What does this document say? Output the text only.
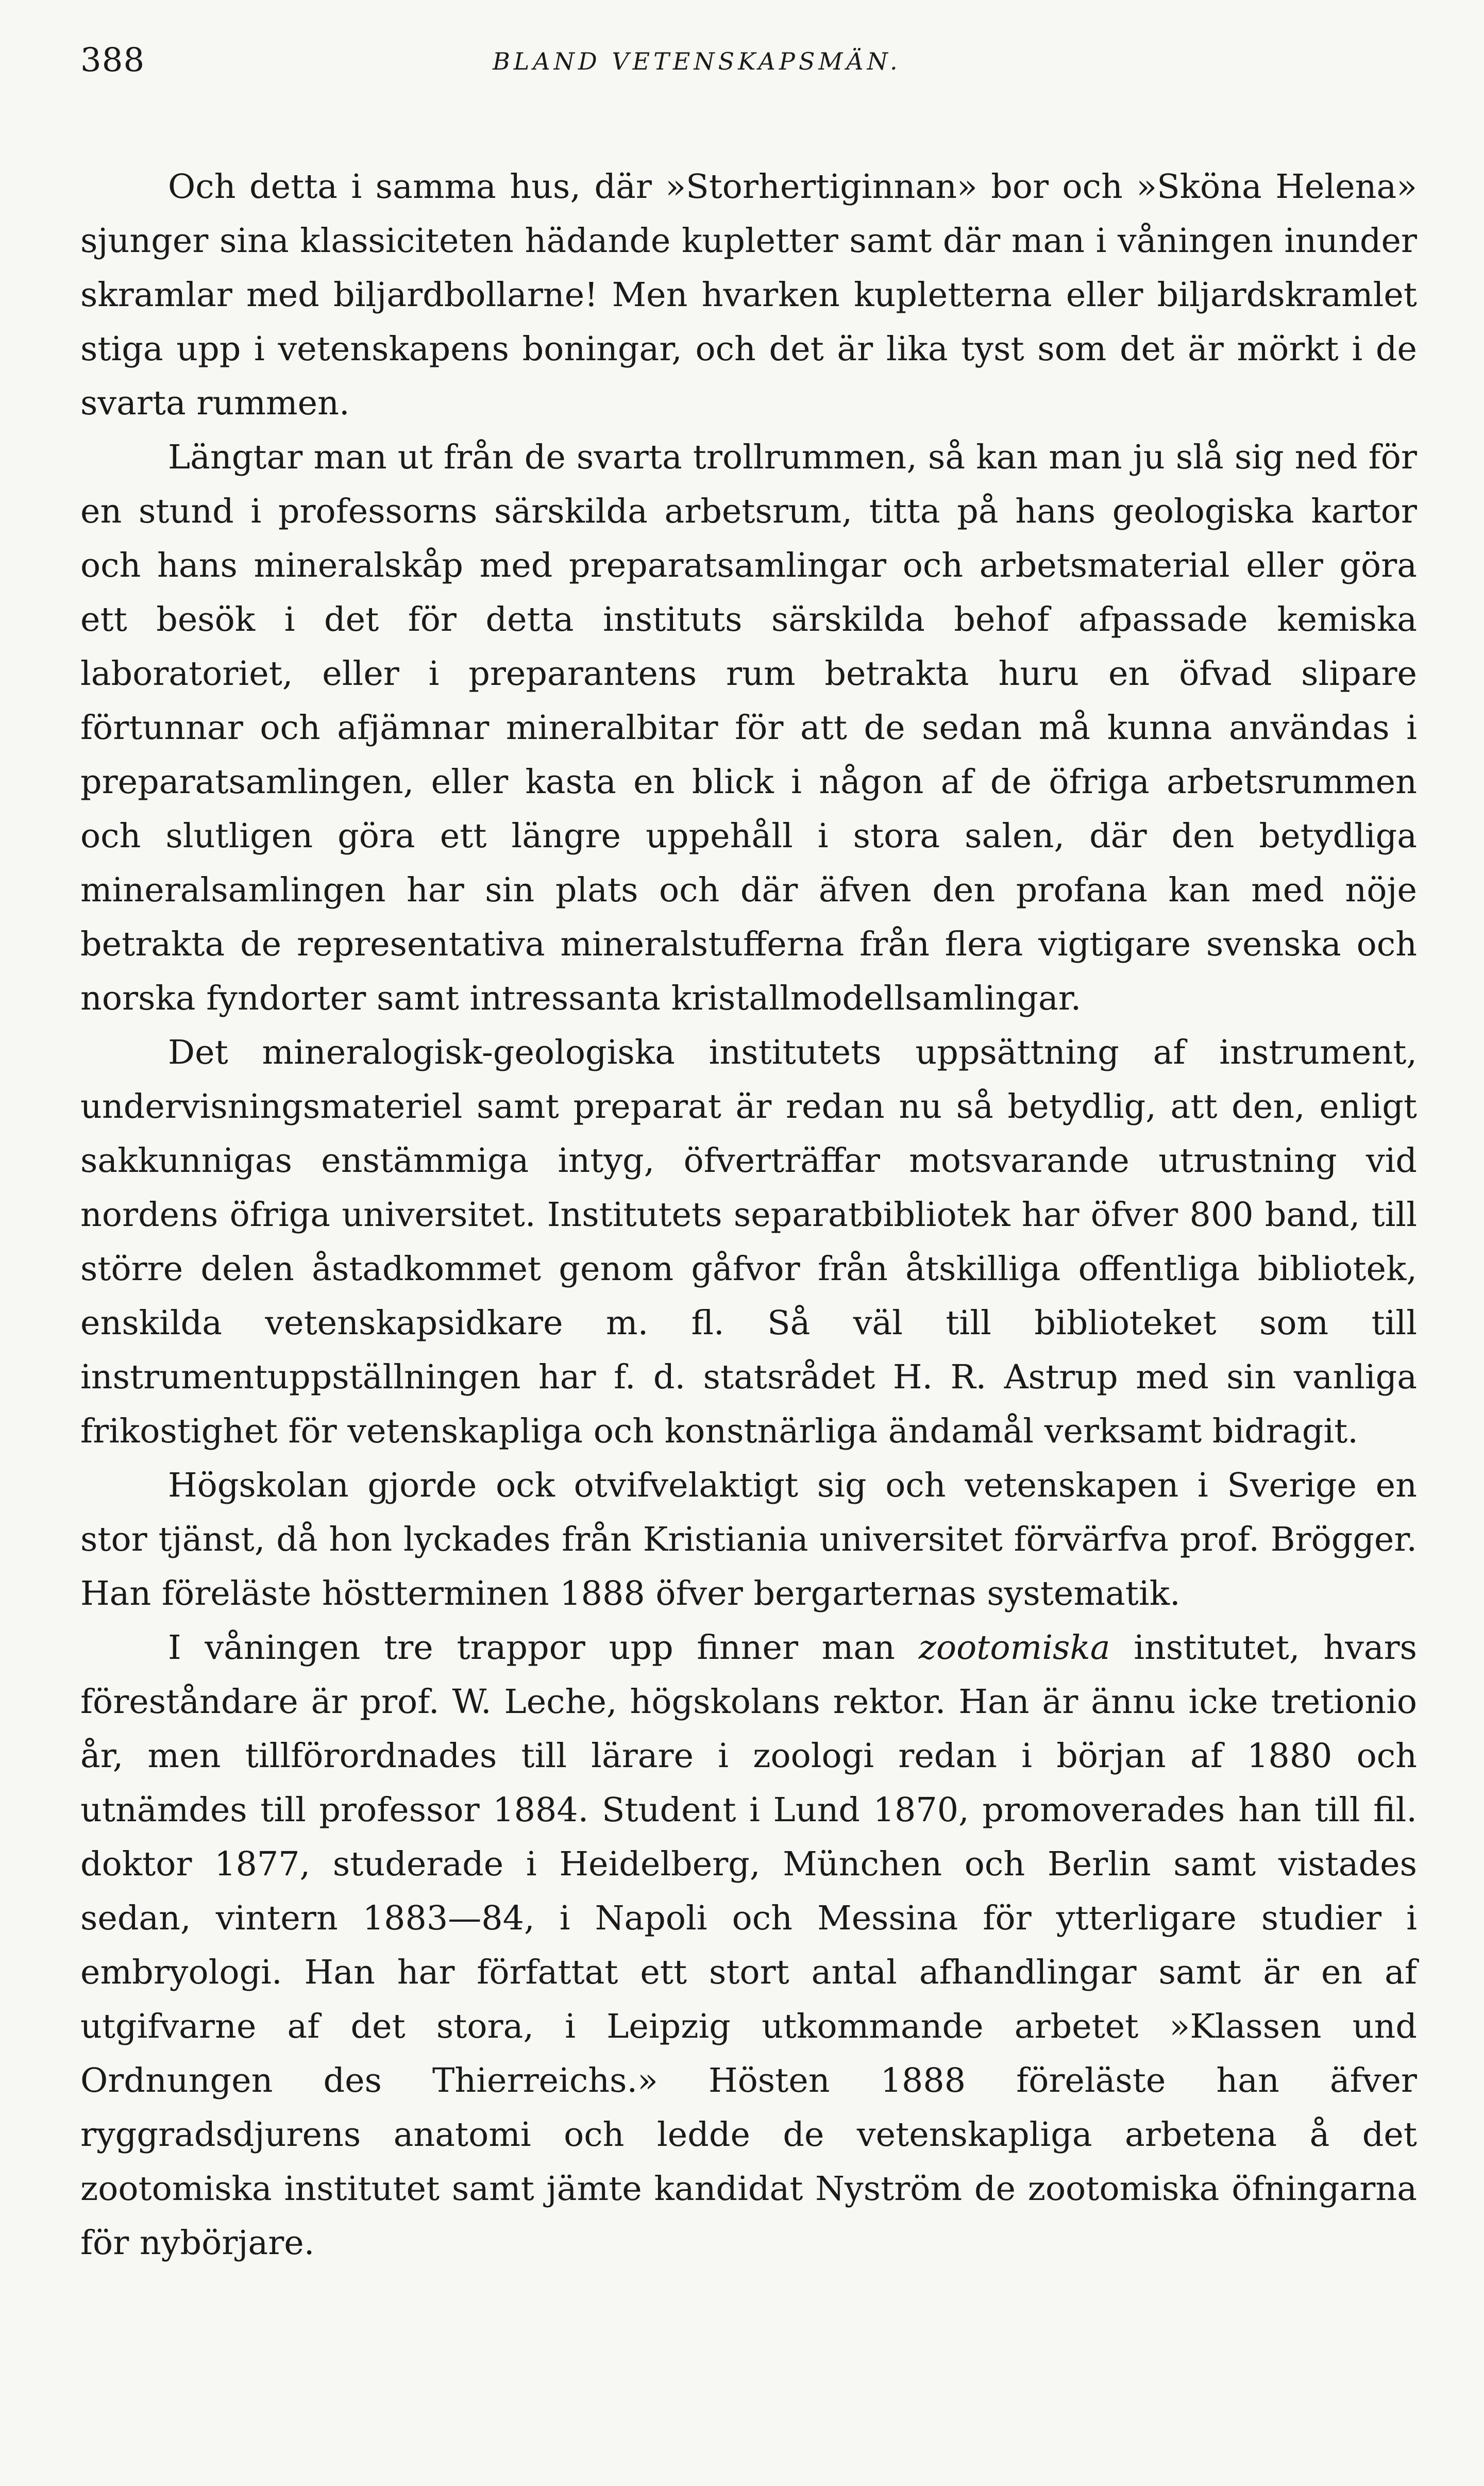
388	BLAND VETENSKAPSMÄN.

Och detta i samma hus, där »Storhertiginnan» bor och »Sköna Helena» sjunger sina klassiciteten hädande kupletter samt där man i våningen inunder skramlar med biljardbollarne! Men hvarken kupletterna eller biljardskramlet stiga upp i vetenskapens boningar, och det är lika tyst som det är mörkt i de svarta rummen.

Längtar man ut från de svarta trollrummen, så kan man ju slå sig ned för en stund i professorns särskilda arbetsrum, titta på hans geologiska kartor och hans mineralskåp med preparatsamlingar och arbetsmaterial eller göra ett besök i det för detta instituts särskilda behof afpassade kemiska laboratoriet, eller i preparantens rum betrakta huru en öfvad slipare förtunnar och afjämnar mineralbitar för att de sedan må kunna användas i preparatsamlingen, eller kasta en blick i någon af de öfriga arbetsrummen och slutligen göra ett längre uppehåll i stora salen, där den betydliga mineralsamlingen har sin plats och där äfven den profana kan med nöje betrakta de representativa mineralstufferna från flera vigtigare svenska och norska fyndorter samt intressanta kristallmodellsamlingar.

Det mineralogisk-geologiska institutets uppsättning af instrument, undervisningsmateriel samt preparat är redan nu så betydlig, att den, enligt sakkunnigas enstämmiga intyg, öfverträffar motsvarande utrustning vid nordens öfriga universitet. Institutets separatbibliotek har öfver 800 band, till större delen åstadkommet genom gåfvor från åtskilliga offentliga bibliotek, enskilda vetenskapsidkare m. fl. Så väl till biblioteket som till instrumentuppställningen har f. d. statsrådet H. R. Astrup med sin vanliga frikostighet för vetenskapliga och konstnärliga ändamål verksamt bidragit.

Högskolan gjorde ock otvifvelaktigt sig och vetenskapen i Sverige en stor tjänst, då hon lyckades från Kristiania universitet förvärfva prof. Brögger. Han föreläste höstterminen 1888 öfver bergarternas systematik.

I våningen tre trappor upp finner man zootomiska institutet, hvars föreståndare är prof. W. Leche, högskolans rektor. Han är ännu icke tretionio år, men tillförordnades till lärare i zoologi redan i början af 1880 och utnämdes till professor 1884. Student i Lund 1870, promoverades han till fil. doktor 1877, studerade i Heidelberg, München och Berlin samt vistades sedan, vintern 1883—84, i Napoli och Messina för ytterligare studier i embryologi. Han har författat ett stort antal afhandlingar samt är en af utgifvarne af det stora, i Leipzig utkommande arbetet »Klassen und Ordnungen des Thierreichs.» Hösten 1888 föreläste han äfver ryggradsdjurens anatomi och ledde de vetenskapliga arbetena å det zootomiska institutet samt jämte kandidat Nyström de zootomiska öfningarna för nybörjare.
